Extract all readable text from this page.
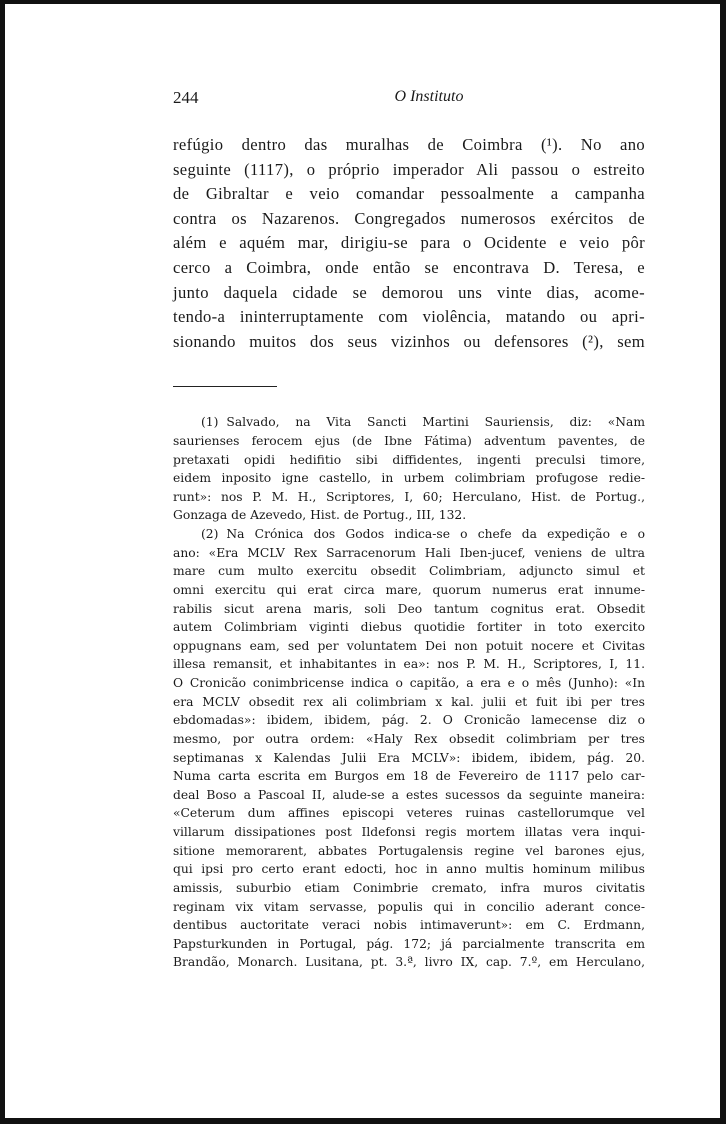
244	O Instituto
refúgio dentro das muralhas de Coimbra (¹). No ano
seguinte (1117), o próprio imperador Ali passou o estreito
de Gibraltar e veio comandar pessoalmente a campanha
contra os Nazarenos. Congregados numerosos exércitos de
além e aquém mar, dirigiu-se para o Ocidente e veio pôr
cerco a Coimbra, onde então se encontrava D. Teresa, e
junto daquela cidade se demorou uns vinte dias, acome-
tendo-a ininterruptamente com violência, matando ou apri-
sionando muitos dos seus vizinhos ou defensores (²), sem
(1) Salvado, na Vita Sancti Martini Sauriensis, diz: «Nam
saurienses ferocem ejus (de Ibne Fátima) adventum paventes, de
pretaxati opidi hedifitio sibi diffidentes, ingenti preculsi timore,
eidem inposito igne castello, in urbem colimbriam profugose redie-
runt»: nos P. M. H., Scriptores, I, 60; Herculano, Hist. de Portug.,
Gonzaga de Azevedo, Hist. de Portug., III, 132.
(2) Na Crónica dos Godos indica-se o chefe da expedição e o
ano: «Era MCLV Rex Sarracenorum Hali Iben-jucef, veniens de ultra
mare cum multo exercitu obsedit Colimbriam, adjuncto simul et
omni exercitu qui erat circa mare, quorum numerus erat innume-
rabilis sicut arena maris, soli Deo tantum cognitus erat. Obsedit
autem Colimbriam viginti diebus quotidie fortiter in toto exercito
oppugnans eam, sed per voluntatem Dei non potuit nocere et Civitas
illesa remansit, et inhabitantes in ea»: nos P. M. H., Scriptores, I, 11.
O Cronicão conimbricense indica o capitão, a era e o mês (Junho): «In
era MCLV obsedit rex ali colimbriam x kal. julii et fuit ibi per tres
ebdomadas»: ibidem, ibidem, pág. 2. O Cronicão lamecense diz o
mesmo, por outra ordem: «Haly Rex obsedit colimbriam per tres
septimanas x Kalendas Julii Era MCLV»: ibidem, ibidem, pág. 20.
Numa carta escrita em Burgos em 18 de Fevereiro de 1117 pelo car-
deal Boso a Pascoal II, alude-se a estes sucessos da seguinte maneira:
«Ceterum dum affines episcopi veteres ruinas castellorumque vel
villarum dissipationes post Ildefonsi regis mortem illatas vera inqui-
sitione memorarent, abbates Portugalensis regine vel barones ejus,
qui ipsi pro certo erant edocti, hoc in anno multis hominum milibus
amissis, suburbio etiam Conimbrie cremato, infra muros civitatis
reginam vix vitam servasse, populis qui in concilio aderant conce-
dentibus auctoritate veraci nobis intimaverunt»: em C. Erdmann,
Papsturkunden in Portugal, pág. 172; já parcialmente transcrita em
Brandão, Monarch. Lusitana, pt. 3.ª, livro IX, cap. 7.º, em Herculano,
